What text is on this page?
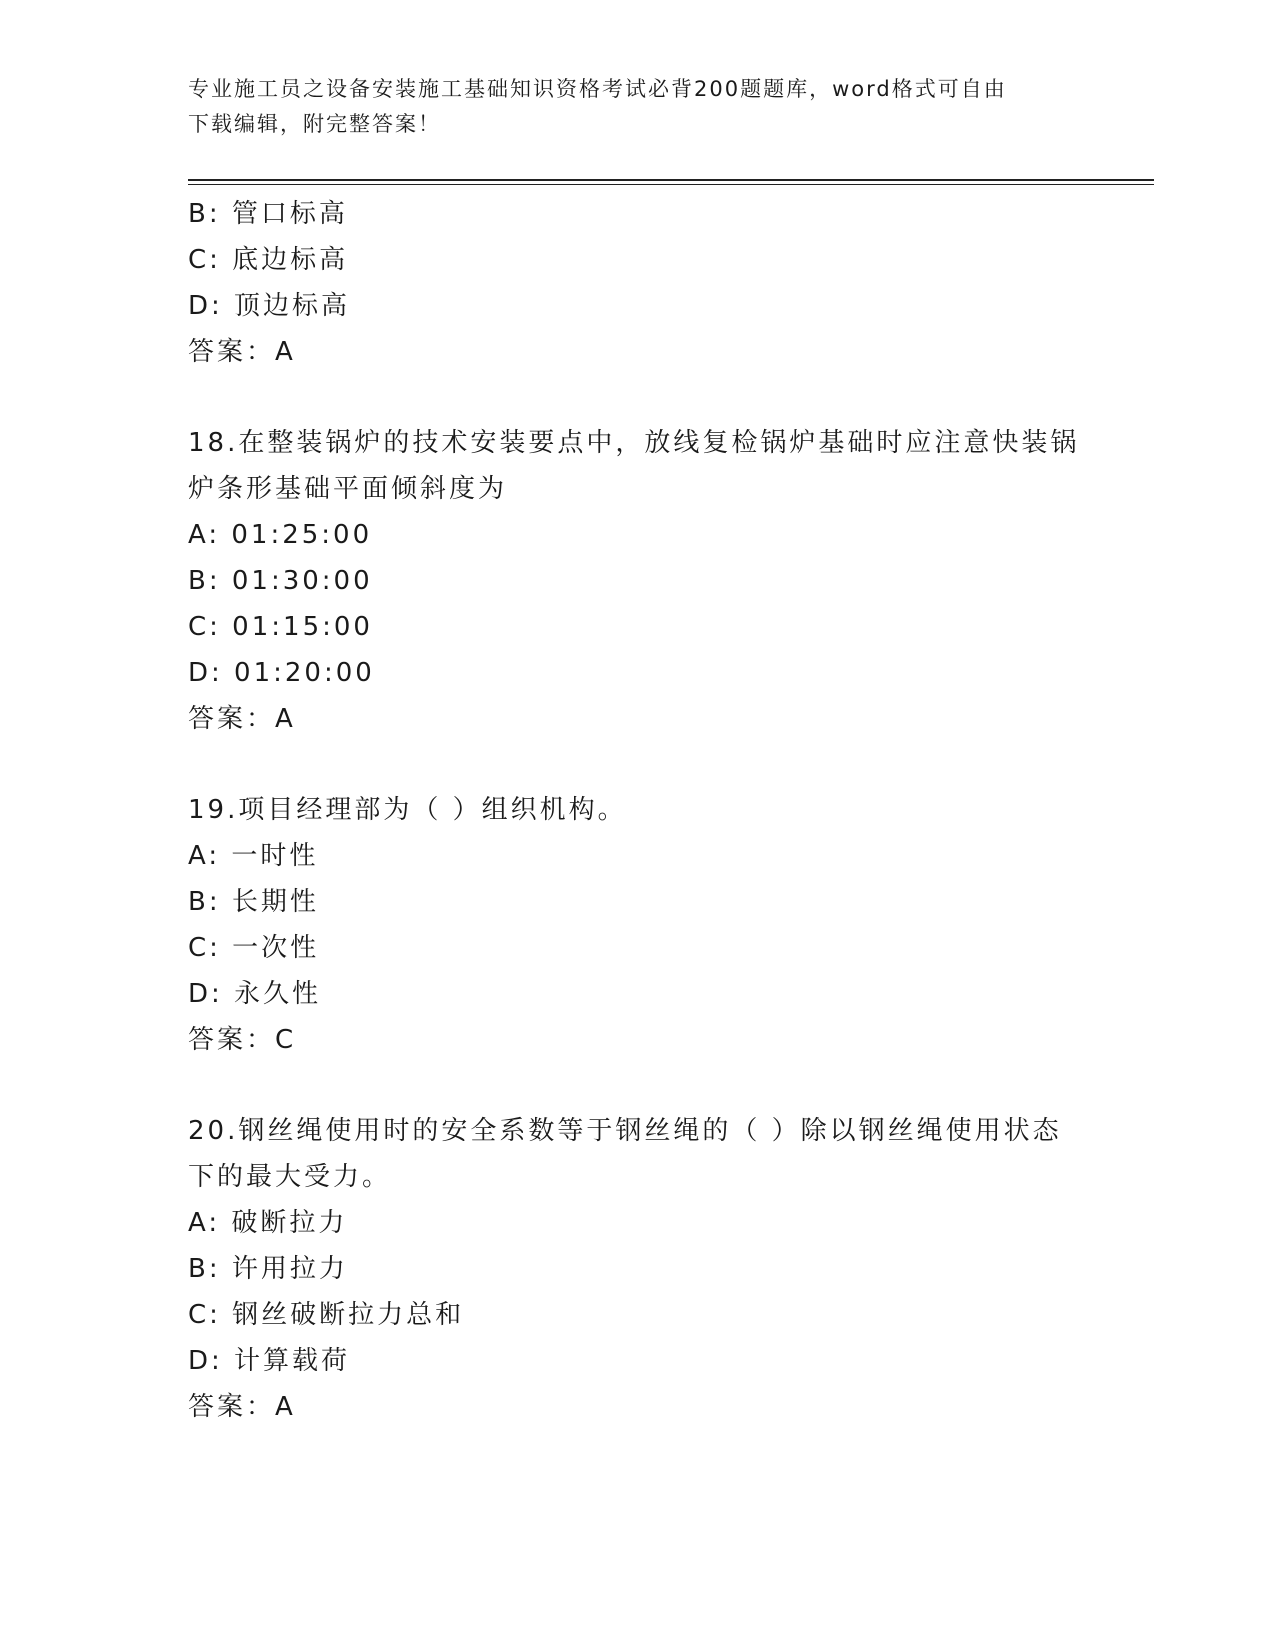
专业施工员之设备安装施工基础知识资格考试必背200题题库，word格式可自由
下载编辑，附完整答案！
B: 管口标高
C: 底边标高
D: 顶边标高
答案：A
18.在整装锅炉的技术安装要点中，放线复检锅炉基础时应注意快装锅
炉条形基础平面倾斜度为
A: 01:25:00
B: 01:30:00
C: 01:15:00
D: 01:20:00
答案：A
19.项目经理部为（ ）组织机构。
A: 一时性
B: 长期性
C: 一次性
D: 永久性
答案：C
20.钢丝绳使用时的安全系数等于钢丝绳的（ ）除以钢丝绳使用状态
下的最大受力。
A: 破断拉力
B: 许用拉力
C: 钢丝破断拉力总和
D: 计算载荷
答案：A
